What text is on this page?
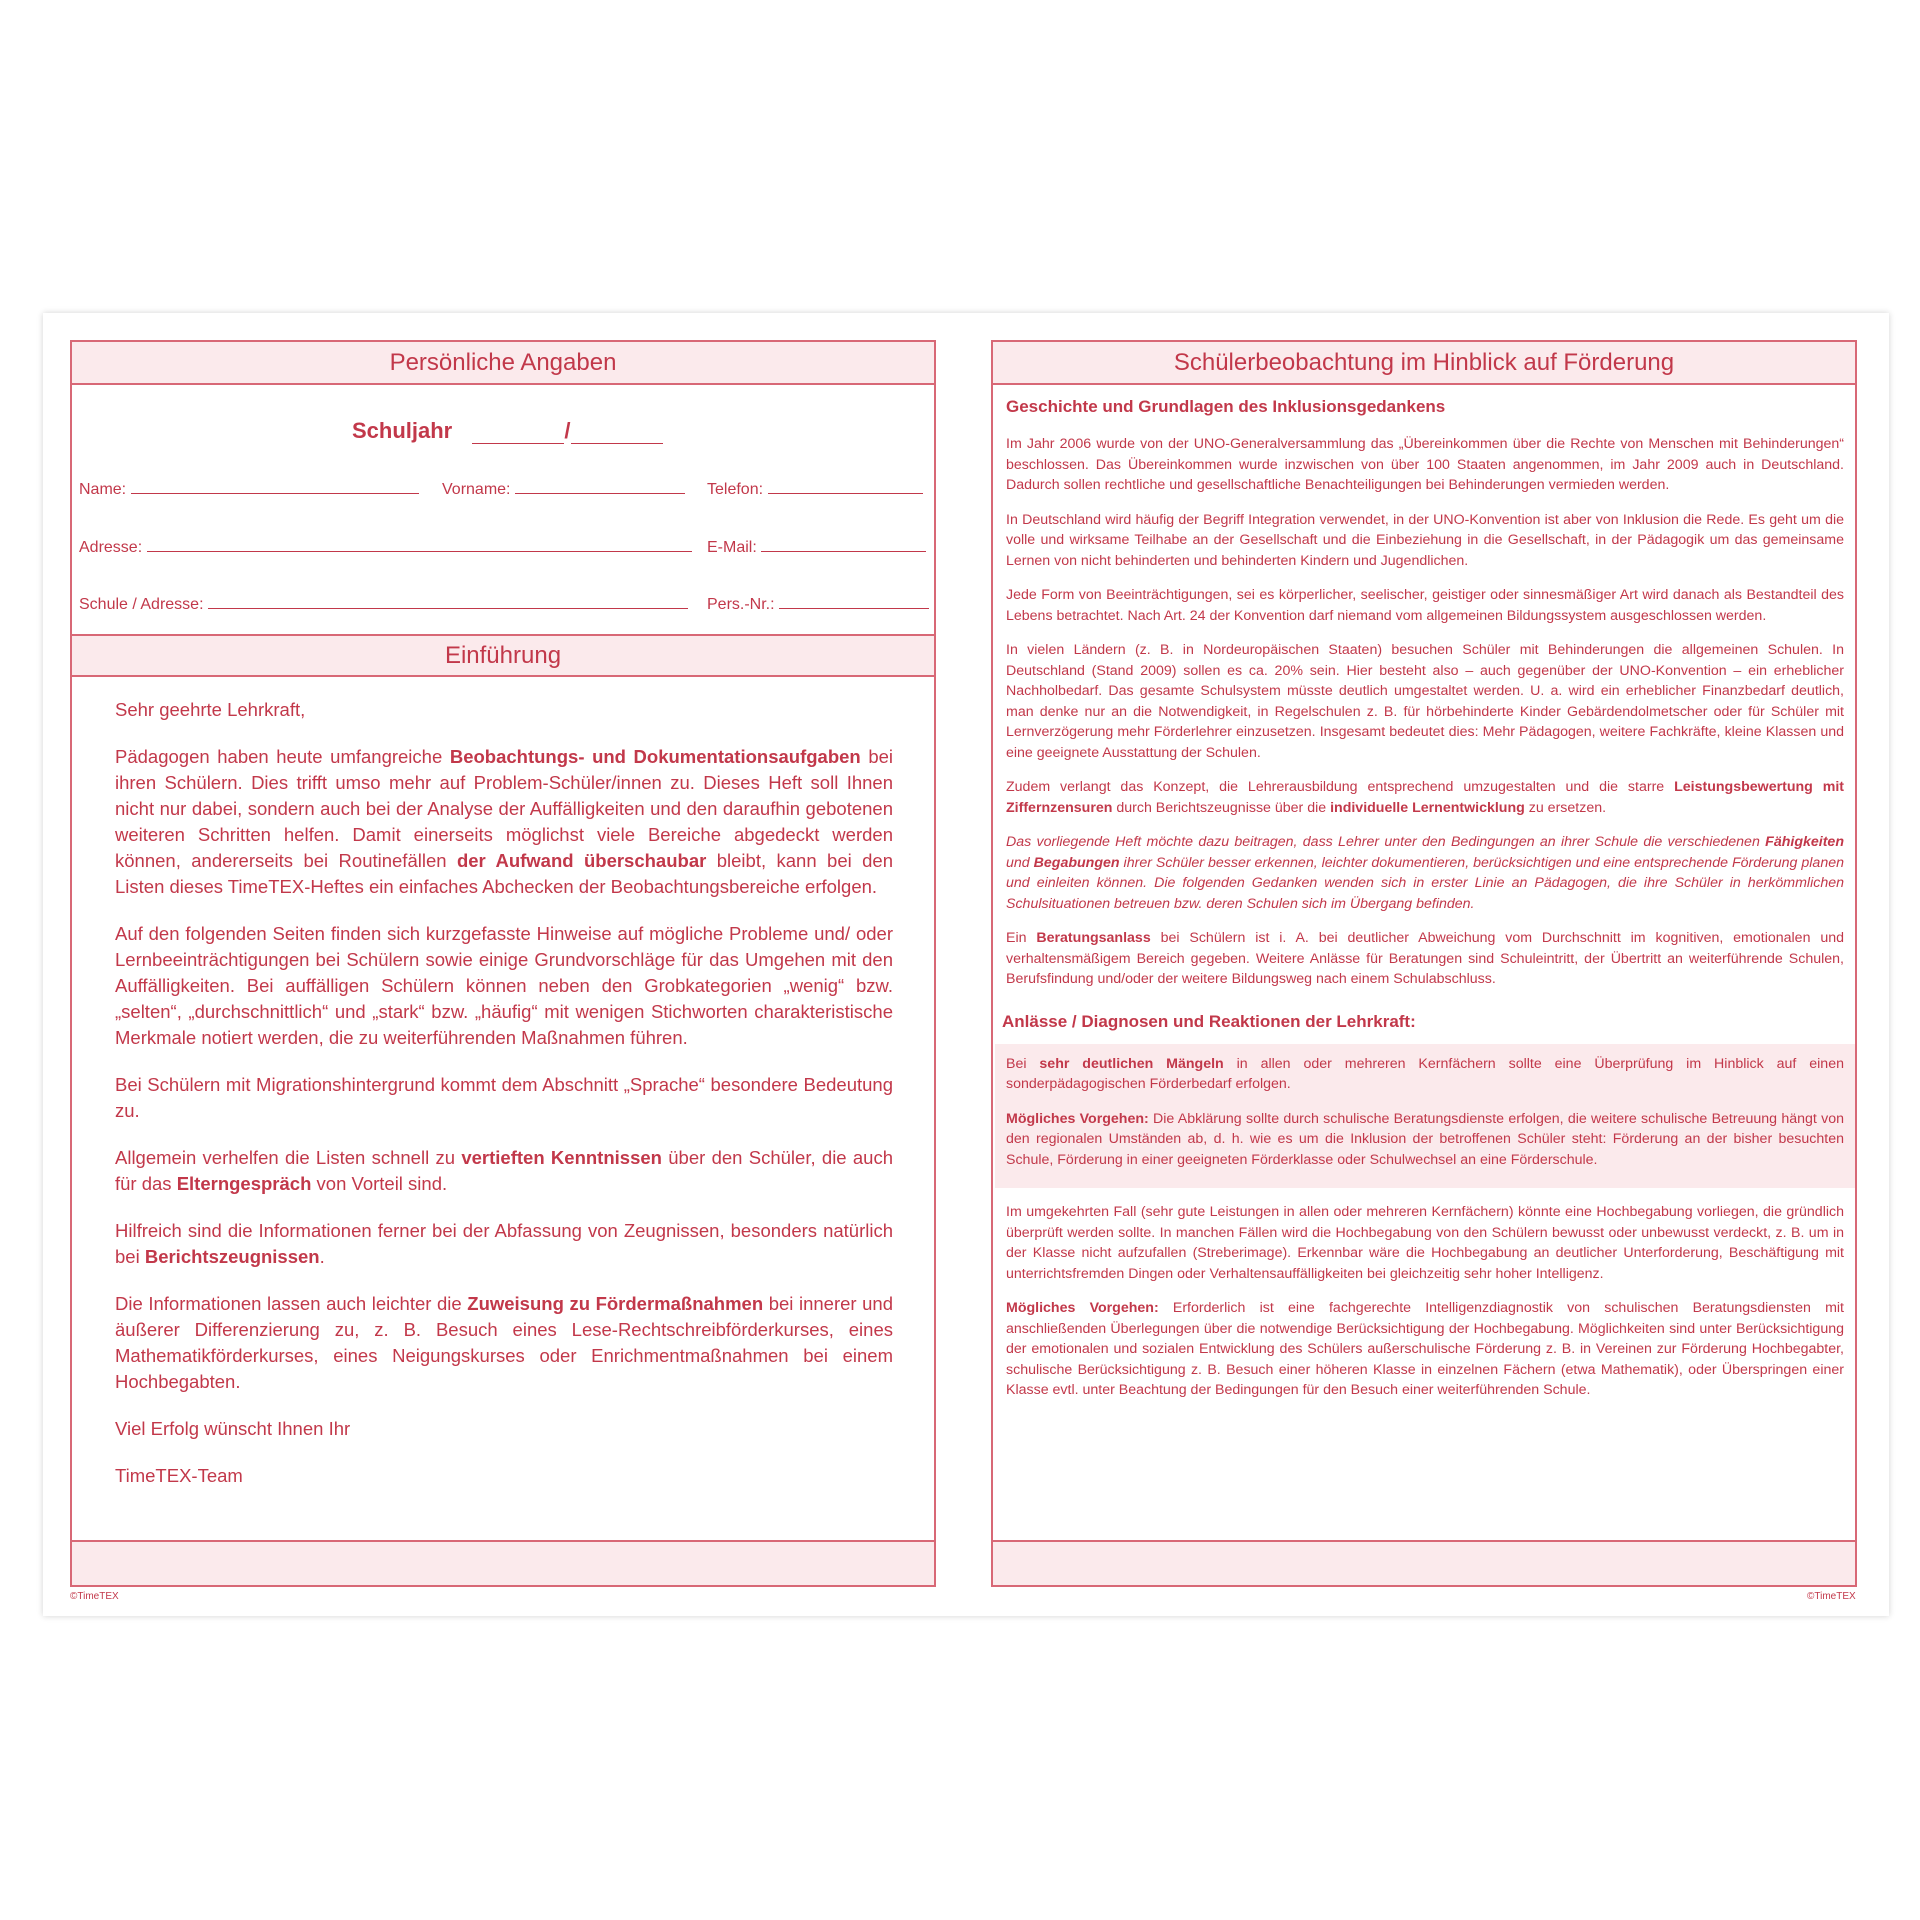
Persönliche Angaben
Schuljahr	/
Name:	Vorname:	Telefon:
Adresse:	E-Mail:
Schule / Adresse:	Pers.-Nr.:
Einführung

Sehr geehrte Lehrkraft,

Pädagogen haben heute umfangreiche Beobachtungs- und Dokumentationsaufgaben bei ihren Schülern. Dies trifft umso mehr auf Problem-Schüler/innen zu. Dieses Heft soll Ihnen nicht nur dabei, sondern auch bei der Analyse der Auffälligkeiten und den daraufhin gebotenen weiteren Schritten helfen. Damit einerseits möglichst viele Bereiche abgedeckt werden können, andererseits bei Routinefällen der Aufwand überschaubar bleibt, kann bei den Listen dieses TimeTEX-Heftes ein einfaches Abchecken der Beobachtungsbereiche erfolgen.

Auf den folgenden Seiten finden sich kurzgefasste Hinweise auf mögliche Probleme und/ oder Lernbeeinträchtigungen bei Schülern sowie einige Grundvorschläge für das Umgehen mit den Auffälligkeiten. Bei auffälligen Schülern können neben den Grobkategorien „wenig“ bzw. „selten“, „durchschnittlich“ und „stark“ bzw. „häufig“ mit wenigen Stichworten charakteristische Merkmale notiert werden, die zu weiterführenden Maßnahmen führen.

Bei Schülern mit Migrationshintergrund kommt dem Abschnitt „Sprache“ besondere Bedeutung zu.

Allgemein verhelfen die Listen schnell zu vertieften Kenntnissen über den Schüler, die auch für das Elterngespräch von Vorteil sind.

Hilfreich sind die Informationen ferner bei der Abfassung von Zeugnissen, besonders natürlich bei Berichtszeugnissen.

Die Informationen lassen auch leichter die Zuweisung zu Fördermaßnahmen bei innerer und äußerer Differenzierung zu, z. B. Besuch eines Lese-Rechtschreibförderkurses, eines Mathematikförderkurses, eines Neigungskurses oder Enrichmentmaßnahmen bei einem Hochbegabten.

Viel Erfolg wünscht Ihnen Ihr

TimeTEX-Team

©TimeTEX
Schülerbeobachtung im Hinblick auf Förderung
Geschichte und Grundlagen des Inklusionsgedankens

Im Jahr 2006 wurde von der UNO-Generalversammlung das „Übereinkommen über die Rechte von Menschen mit Behinderungen“ beschlossen. Das Übereinkommen wurde inzwischen von über 100 Staaten angenommen, im Jahr 2009 auch in Deutschland. Dadurch sollen rechtliche und gesellschaftliche Benachteiligungen bei Behinderungen vermieden werden.

In Deutschland wird häufig der Begriff Integration verwendet, in der UNO-Konvention ist aber von Inklusion die Rede. Es geht um die volle und wirksame Teilhabe an der Gesellschaft und die Einbeziehung in die Gesellschaft, in der Pädagogik um das gemeinsame Lernen von nicht behinderten und behinderten Kindern und Jugendlichen.

Jede Form von Beeinträchtigungen, sei es körperlicher, seelischer, geistiger oder sinnesmäßiger Art wird danach als Bestandteil des Lebens betrachtet. Nach Art. 24 der Konvention darf niemand vom allgemeinen Bildungssystem ausgeschlossen werden.

In vielen Ländern (z. B. in Nordeuropäischen Staaten) besuchen Schüler mit Behinderungen die allgemeinen Schulen. In Deutschland (Stand 2009) sollen es ca. 20% sein. Hier besteht also – auch gegenüber der UNO-Konvention – ein erheblicher Nachholbedarf. Das gesamte Schulsystem müsste deutlich umgestaltet werden. U. a. wird ein erheblicher Finanzbedarf deutlich, man denke nur an die Notwendigkeit, in Regelschulen z. B. für hörbehinderte Kinder Gebärdendolmetscher oder für Schüler mit Lernverzögerung mehr Förderlehrer einzusetzen. Insgesamt bedeutet dies: Mehr Pädagogen, weitere Fachkräfte, kleine Klassen und eine geeignete Ausstattung der Schulen.

Zudem verlangt das Konzept, die Lehrerausbildung entsprechend umzugestalten und die starre Leistungsbewertung mit Ziffernzensuren durch Berichtszeugnisse über die individuelle Lernentwicklung zu ersetzen.

Das vorliegende Heft möchte dazu beitragen, dass Lehrer unter den Bedingungen an ihrer Schule die verschiedenen Fähigkeiten und Begabungen ihrer Schüler besser erkennen, leichter dokumentieren, berücksichtigen und eine entsprechende Förderung planen und einleiten können. Die folgenden Gedanken wenden sich in erster Linie an Pädagogen, die ihre Schüler in herkömmlichen Schulsituationen betreuen bzw. deren Schulen sich im Übergang befinden.

Ein Beratungsanlass bei Schülern ist i. A. bei deutlicher Abweichung vom Durchschnitt im kognitiven, emotionalen und verhaltensmäßigem Bereich gegeben. Weitere Anlässe für Beratungen sind Schuleintritt, der Übertritt an weiterführende Schulen, Berufsfindung und/oder der weitere Bildungsweg nach einem Schulabschluss.

Anlässe / Diagnosen und Reaktionen der Lehrkraft:

Bei sehr deutlichen Mängeln in allen oder mehreren Kernfächern sollte eine Überprüfung im Hinblick auf einen sonderpädagogischen Förderbedarf erfolgen.

Mögliches Vorgehen: Die Abklärung sollte durch schulische Beratungsdienste erfolgen, die weitere schulische Betreuung hängt von den regionalen Umständen ab, d. h. wie es um die Inklusion der betroffenen Schüler steht: Förderung an der bisher besuchten Schule, Förderung in einer geeigneten Förderklasse oder Schulwechsel an eine Förderschule.

Im umgekehrten Fall (sehr gute Leistungen in allen oder mehreren Kernfächern) könnte eine Hochbegabung vorliegen, die gründlich überprüft werden sollte. In manchen Fällen wird die Hochbegabung von den Schülern bewusst oder unbewusst verdeckt, z. B. um in der Klasse nicht aufzufallen (Streberimage). Erkennbar wäre die Hochbegabung an deutlicher Unterforderung, Beschäftigung mit unterrichtsfremden Dingen oder Verhaltensauffälligkeiten bei gleichzeitig sehr hoher Intelligenz.

Mögliches Vorgehen: Erforderlich ist eine fachgerechte Intelligenzdiagnostik von schulischen Beratungsdiensten mit anschließenden Überlegungen über die notwendige Berücksichtigung der Hochbegabung. Möglichkeiten sind unter Berücksichtigung der emotionalen und sozialen Entwicklung des Schülers außerschulische Förderung z. B. in Vereinen zur Förderung Hochbegabter, schulische Berücksichtigung z. B. Besuch einer höheren Klasse in einzelnen Fächern (etwa Mathematik), oder Überspringen einer Klasse evtl. unter Beachtung der Bedingungen für den Besuch einer weiterführenden Schule.

©TimeTEX
